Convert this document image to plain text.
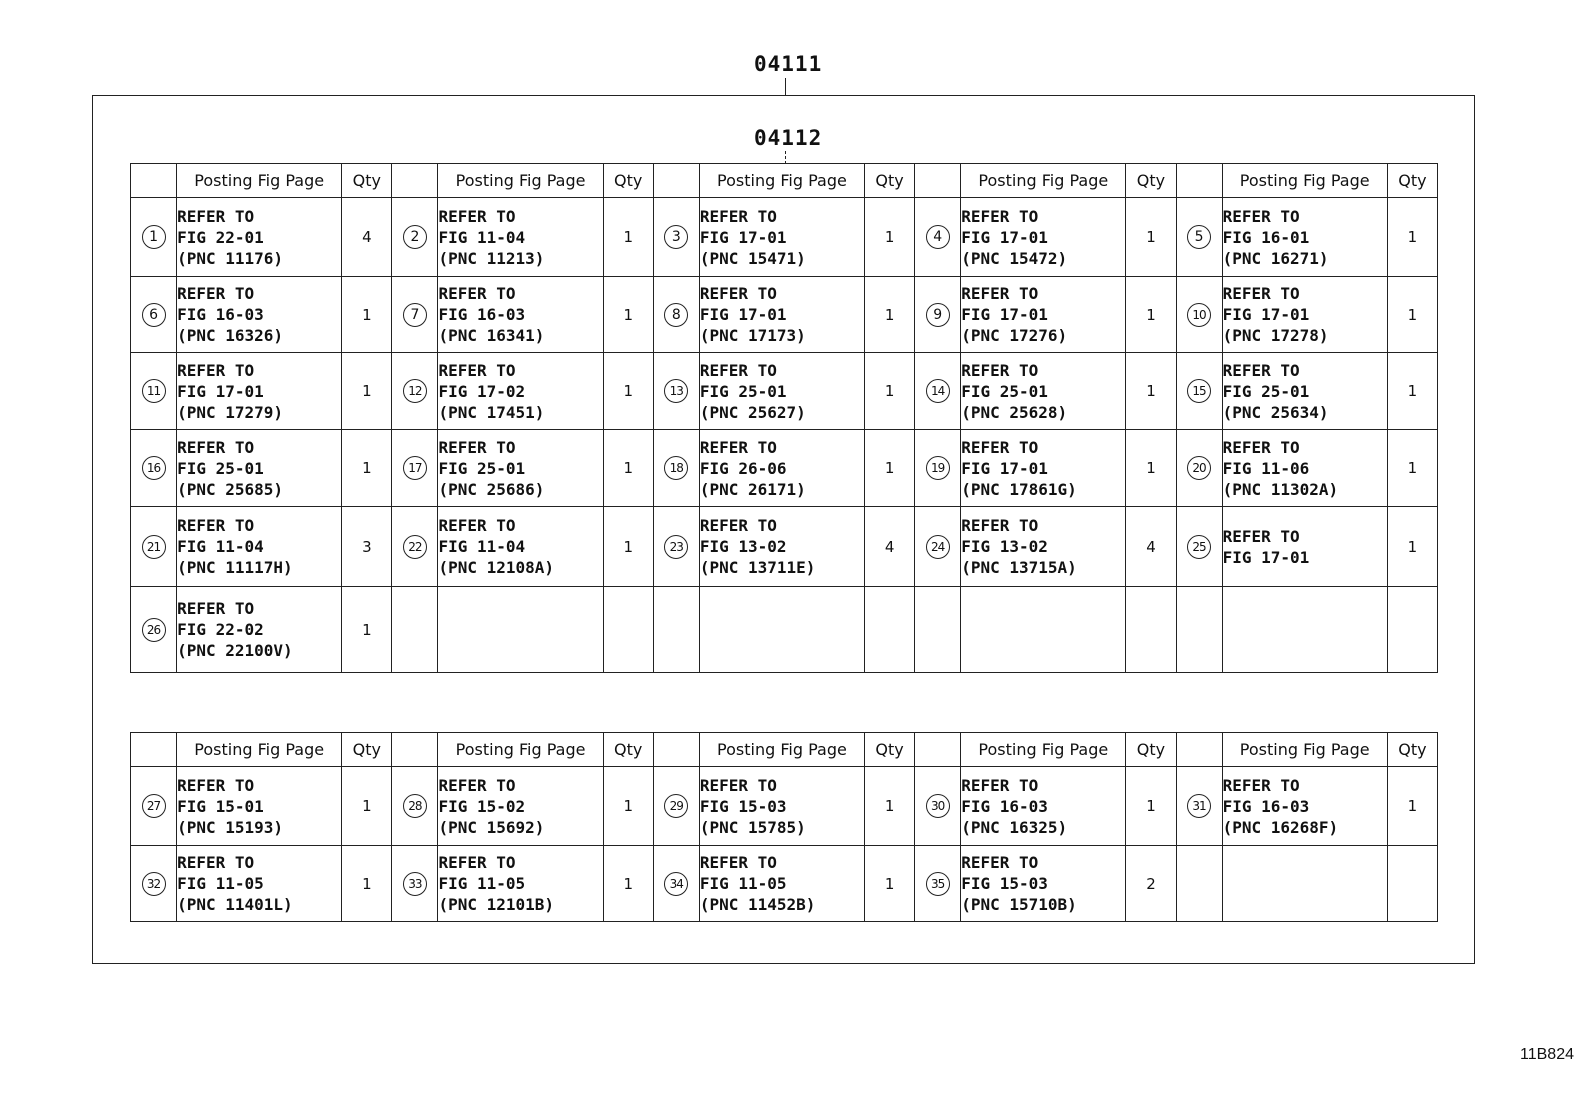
04111
04112
	Posting Fig Page	Qty		Posting Fig Page	Qty		Posting Fig Page	Qty		Posting Fig Page	Qty		Posting Fig Page	Qty
1	REFER TO
FIG 22-01
(PNC 11176)	4	2	REFER TO
FIG 11-04
(PNC 11213)	1	3	REFER TO
FIG 17-01
(PNC 15471)	1	4	REFER TO
FIG 17-01
(PNC 15472)	1	5	REFER TO
FIG 16-01
(PNC 16271)	1
6	REFER TO
FIG 16-03
(PNC 16326)	1	7	REFER TO
FIG 16-03
(PNC 16341)	1	8	REFER TO
FIG 17-01
(PNC 17173)	1	9	REFER TO
FIG 17-01
(PNC 17276)	1	10	REFER TO
FIG 17-01
(PNC 17278)	1
11	REFER TO
FIG 17-01
(PNC 17279)	1	12	REFER TO
FIG 17-02
(PNC 17451)	1	13	REFER TO
FIG 25-01
(PNC 25627)	1	14	REFER TO
FIG 25-01
(PNC 25628)	1	15	REFER TO
FIG 25-01
(PNC 25634)	1
16	REFER TO
FIG 25-01
(PNC 25685)	1	17	REFER TO
FIG 25-01
(PNC 25686)	1	18	REFER TO
FIG 26-06
(PNC 26171)	1	19	REFER TO
FIG 17-01
(PNC 17861G)	1	20	REFER TO
FIG 11-06
(PNC 11302A)	1
21	REFER TO
FIG 11-04
(PNC 11117H)	3	22	REFER TO
FIG 11-04
(PNC 12108A)	1	23	REFER TO
FIG 13-02
(PNC 13711E)	4	24	REFER TO
FIG 13-02
(PNC 13715A)	4	25	REFER TO
FIG 17-01	1
26	REFER TO
FIG 22-02
(PNC 22100V)	1												
	Posting Fig Page	Qty		Posting Fig Page	Qty		Posting Fig Page	Qty		Posting Fig Page	Qty		Posting Fig Page	Qty
27	REFER TO
FIG 15-01
(PNC 15193)	1	28	REFER TO
FIG 15-02
(PNC 15692)	1	29	REFER TO
FIG 15-03
(PNC 15785)	1	30	REFER TO
FIG 16-03
(PNC 16325)	1	31	REFER TO
FIG 16-03
(PNC 16268F)	1
32	REFER TO
FIG 11-05
(PNC 11401L)	1	33	REFER TO
FIG 11-05
(PNC 12101B)	1	34	REFER TO
FIG 11-05
(PNC 11452B)	1	35	REFER TO
FIG 15-03
(PNC 15710B)	2			
11B824
